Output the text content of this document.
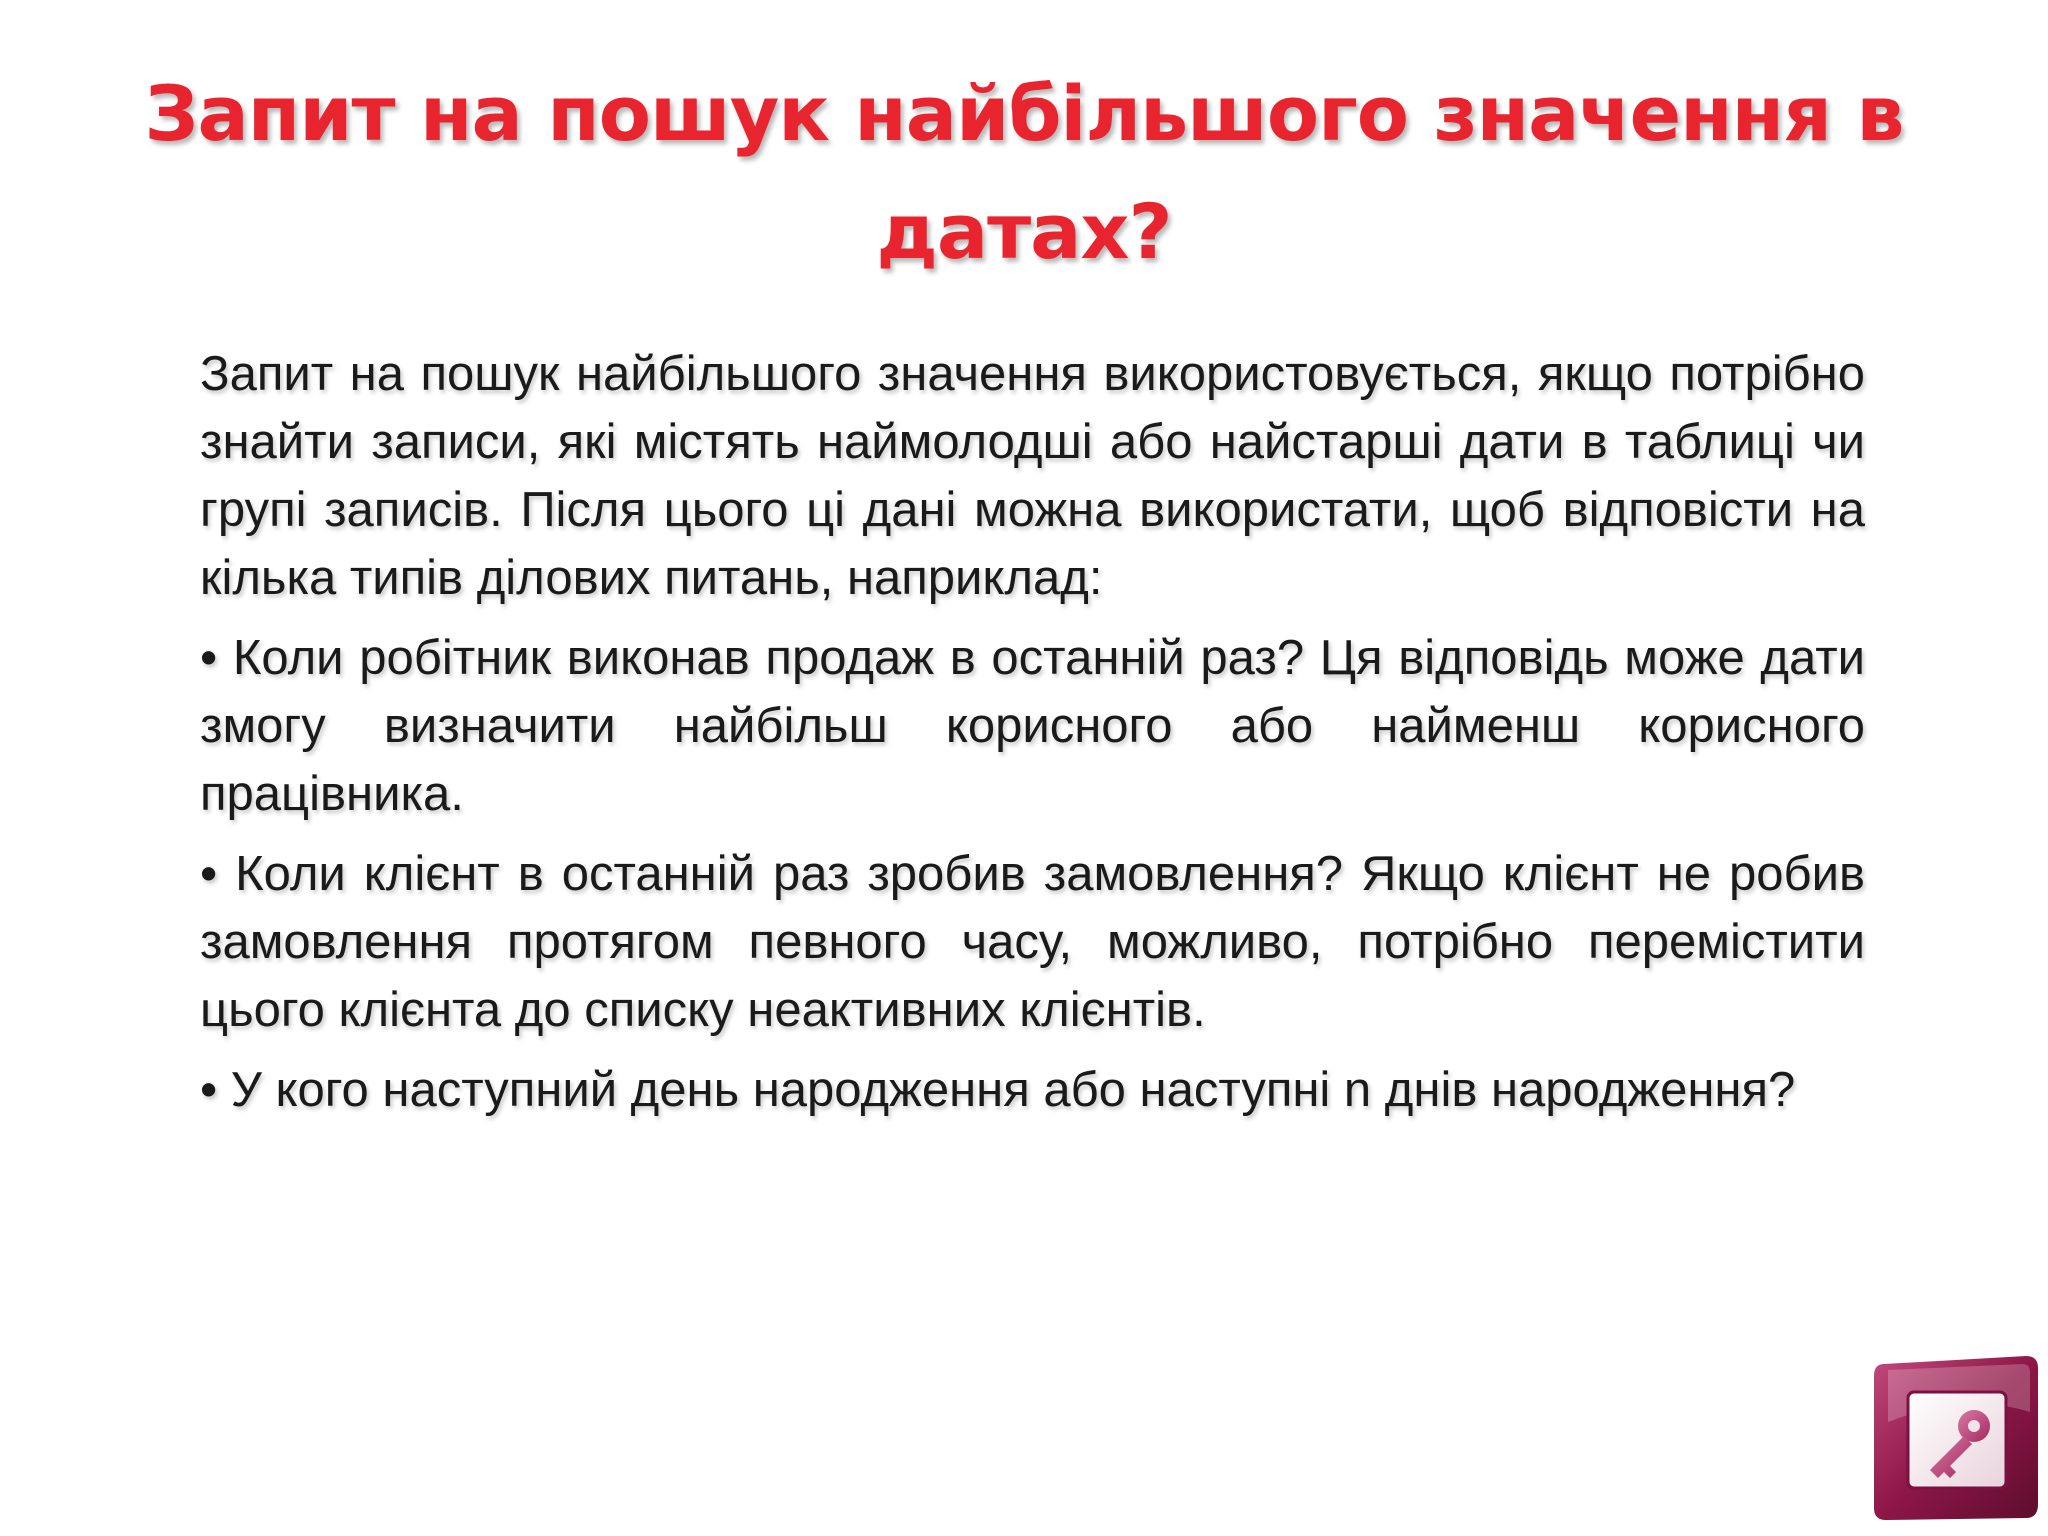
Запит на пошук найбільшого значення в
датах?

Запит на пошук найбільшого значення використовується, якщо потрібно знайти записи, які містять наймолодші або найстарші дати в таблиці чи групі записів. Після цього ці дані можна використати, щоб відповісти на кілька типів ділових питань, наприклад:

• Коли робітник виконав продаж в останній раз? Ця відповідь може дати змогу визначити найбільш корисного або найменш корисного працівника.

• Коли клієнт в останній раз зробив замовлення? Якщо клієнт не робив замовлення протягом певного часу, можливо, потрібно перемістити цього клієнта до списку неактивних клієнтів.

• У кого наступний день народження або наступні n днів народження?
